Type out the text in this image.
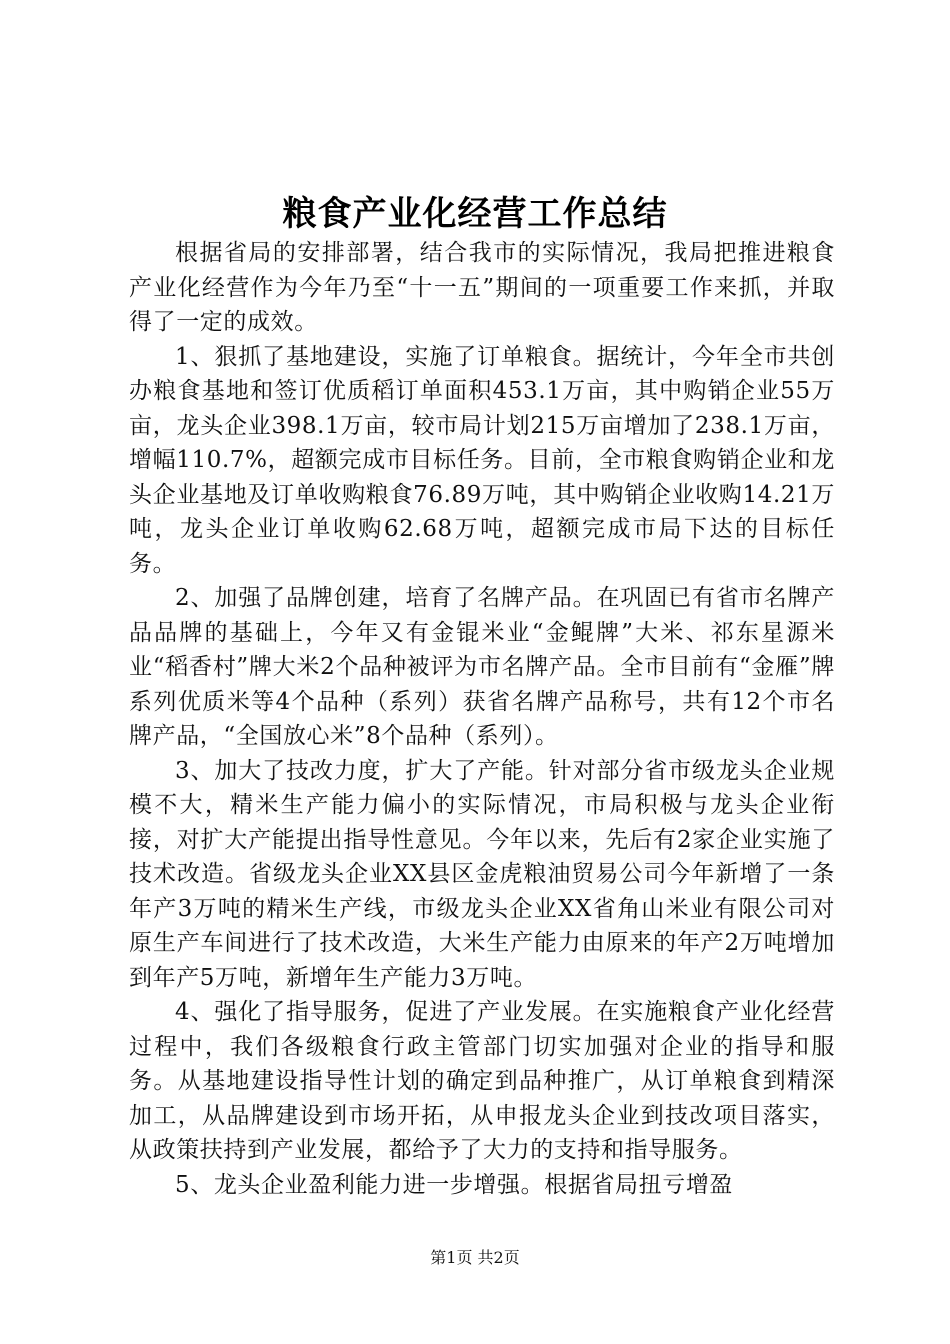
粮食产业化经营工作总结

根据省局的安排部署，结合我市的实际情况，我局把推进粮食产业化经营作为今年乃至“十一五”期间的一项重要工作来抓，并取得了一定的成效。

1、狠抓了基地建设，实施了订单粮食。据统计，今年全市共创办粮食基地和签订优质稻订单面积453.1万亩，其中购销企业55万亩，龙头企业398.1万亩，较市局计划215万亩增加了238.1万亩，增幅110.7%，超额完成市目标任务。目前，全市粮食购销企业和龙头企业基地及订单收购粮食76.89万吨，其中购销企业收购14.21万吨，龙头企业订单收购62.68万吨，超额完成市局下达的目标任务。

2、加强了品牌创建，培育了名牌产品。在巩固已有省市名牌产品品牌的基础上，今年又有金锟米业“金鲲牌”大米、祁东星源米业“稻香村”牌大米2个品种被评为市名牌产品。全市目前有“金雁”牌系列优质米等4个品种（系列）获省名牌产品称号，共有12个市名牌产品，“全国放心米”8个品种（系列）。

3、加大了技改力度，扩大了产能。针对部分省市级龙头企业规模不大，精米生产能力偏小的实际情况，市局积极与龙头企业衔接，对扩大产能提出指导性意见。今年以来，先后有2家企业实施了技术改造。省级龙头企业XX县区金虎粮油贸易公司今年新增了一条年产3万吨的精米生产线，市级龙头企业XX省角山米业有限公司对原生产车间进行了技术改造，大米生产能力由原来的年产2万吨增加到年产5万吨，新增年生产能力3万吨。

4、强化了指导服务，促进了产业发展。在实施粮食产业化经营过程中，我们各级粮食行政主管部门切实加强对企业的指导和服务。从基地建设指导性计划的确定到品种推广，从订单粮食到精深加工，从品牌建设到市场开拓，从申报龙头企业到技改项目落实，从政策扶持到产业发展，都给予了大力的支持和指导服务。

5、龙头企业盈利能力进一步增强。根据省局扭亏增盈

第1页 共2页
